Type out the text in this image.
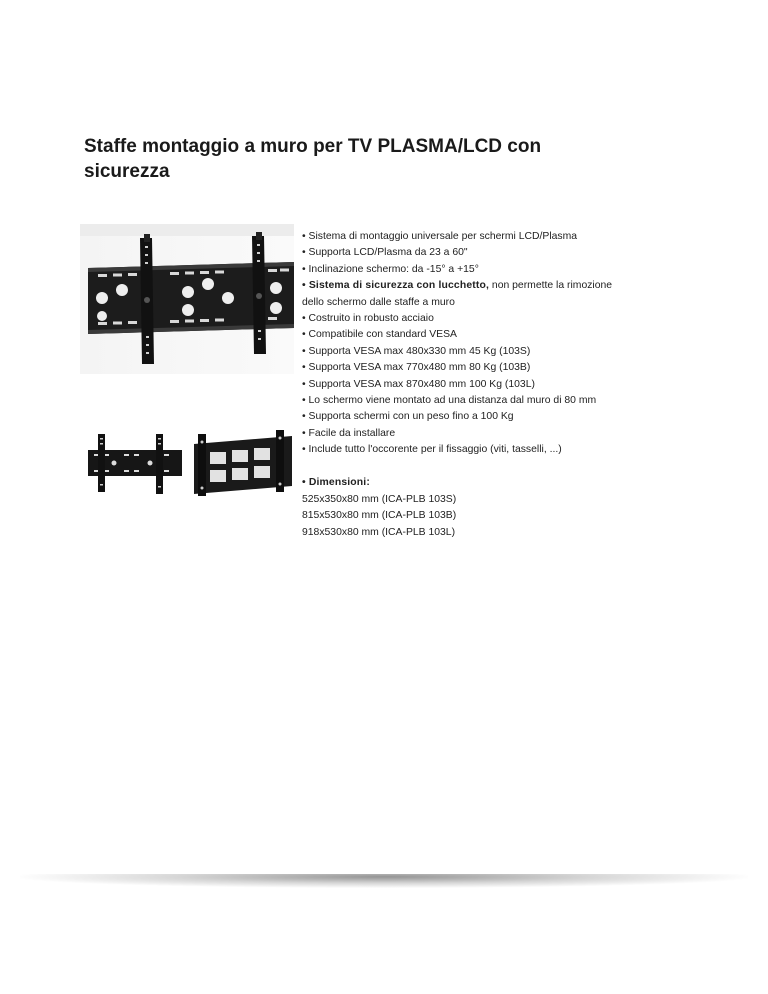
Staffe montaggio a muro per TV PLASMA/LCD con sicurezza
• Sistema di montaggio universale per schermi LCD/Plasma
• Supporta LCD/Plasma da 23 a 60"
• Inclinazione schermo: da -15° a +15°
• Sistema di sicurezza con lucchetto, non permette la rimozione
dello schermo dalle staffe a muro
• Costruito in robusto acciaio
• Compatibile con standard VESA
• Supporta VESA max 480x330 mm 45 Kg (103S)
• Supporta VESA max 770x480 mm 80 Kg (103B)
• Supporta VESA max 870x480 mm 100 Kg (103L)
• Lo schermo viene montato ad una distanza dal muro di 80 mm
• Supporta schermi con un peso fino a 100 Kg
• Facile da installare
• Include tutto l'occorente per il fissaggio (viti, tasselli, ...)
• Dimensioni:
525x350x80 mm (ICA-PLB 103S)
815x530x80 mm (ICA-PLB 103B)
918x530x80 mm (ICA-PLB 103L)
